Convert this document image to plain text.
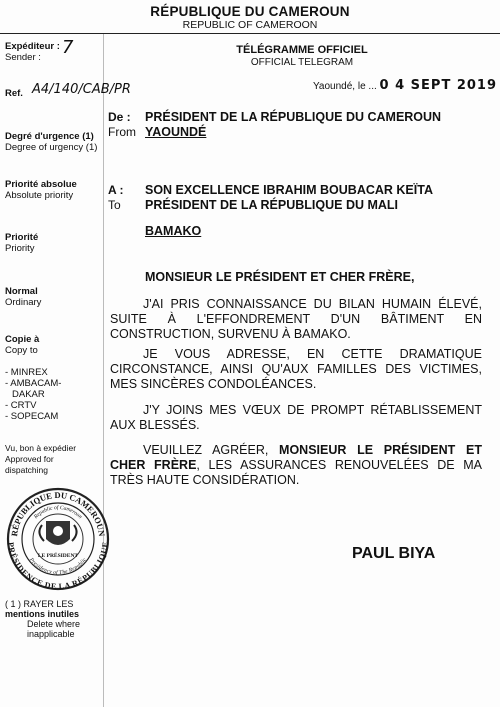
RÉPUBLIQUE DU CAMEROUN
REPUBLIC OF CAMEROON
Expéditeur :
Sender :	7
Ref. A4/140/CAB/PR
Degré d'urgence (1)
Degree of urgency (1)
Priorité absolue
Absolute priority
Priorité
Priority
Normal
Ordinary
Copie à
Copy to
- MINREX
- AMBACAM-
DAKAR
- CRTV
- SOPECAM
Vu, bon à expédier
Approved for
dispatching
RÉPUBLIQUE DU CAMEROUN
PRÉSIDENCE DE LA RÉPUBLIQUE
Republic of Cameroon
Presidency of The Republic
LE PRÉSIDENT
( 1 ) RAYER LES
mentions inutiles
Delete where
inapplicable
TÉLÉGRAMME OFFICIEL
OFFICIAL TELEGRAM
Yaoundé, le ... 0 4 SEPT 2019
De :
From
PRÉSIDENT DE LA RÉPUBLIQUE DU CAMEROUN
YAOUNDÉ
A :
To
SON EXCELLENCE IBRAHIM BOUBACAR KEÏTA
PRÉSIDENT DE LA RÉPUBLIQUE DU MALI
BAMAKO
MONSIEUR LE PRÉSIDENT ET CHER FRÈRE,
J'AI PRIS CONNAISSANCE DU BILAN HUMAIN ÉLEVÉ, SUITE À L'EFFONDREMENT D'UN BÂTIMENT EN CONSTRUCTION, SURVENU À BAMAKO.
JE VOUS ADRESSE, EN CETTE DRAMATIQUE CIRCONSTANCE, AINSI QU'AUX FAMILLES DES VICTIMES, MES SINCÈRES CONDOLÉANCES.
J'Y JOINS MES VŒUX DE PROMPT RÉTABLISSEMENT AUX BLESSÉS.
VEUILLEZ AGRÉER, MONSIEUR LE PRÉSIDENT ET CHER FRÈRE, LES ASSURANCES RENOUVELÉES DE MA TRÈS HAUTE CONSIDÉRATION.
PAUL BIYA
